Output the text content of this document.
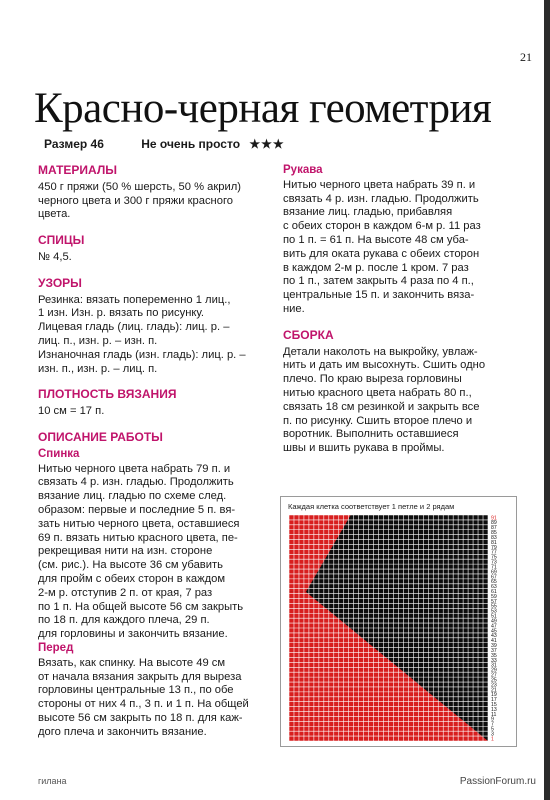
21
Красно-черная геометрия
Размер 46	Не очень просто ★★★
МАТЕРИАЛЫ
450 г пряжи (50 % шерсть, 50 % акрил)
черного цвета и 300 г пряжи красного
цвета.
СПИЦЫ
№ 4,5.
УЗОРЫ
Резинка: вязать попеременно 1 лиц.,
1 изн. Изн. р. вязать по рисунку.
Лицевая гладь (лиц. гладь): лиц. р. –
лиц. п., изн. р. – изн. п.
Изнаночная гладь (изн. гладь): лиц. р. –
изн. п., изн. р. – лиц. п.
ПЛОТНОСТЬ ВЯЗАНИЯ
10 см = 17 п.
ОПИСАНИЕ РАБОТЫ
Спинка
Нитью черного цвета набрать 79 п. и
связать 4 р. изн. гладью. Продолжить
вязание лиц. гладью по схеме след.
образом: первые и последние 5 п. вя-
зать нитью черного цвета, оставшиеся
69 п. вязать нитью красного цвета, пе-
рекрещивая нити на изн. стороне
(см. рис.). На высоте 36 см убавить
для пройм с обеих сторон в каждом
2-м р. отступив 2 п. от края, 7 раз
по 1 п. На общей высоте 56 см закрыть
по 18 п. для каждого плеча, 29 п.
для горловины и закончить вязание.
Перед
Вязать, как спинку. На высоте 49 см
от начала вязания закрыть для выреза
горловины центральные 13 п., по обе
стороны от них 4 п., 3 п. и 1 п. На общей
высоте 56 см закрыть по 18 п. для каж-
дого плеча и закончить вязание.
Рукава
Нитью черного цвета набрать 39 п. и
связать 4 р. изн. гладью. Продолжить
вязание лиц. гладью, прибавляя
с обеих сторон в каждом 6-м р. 11 раз
по 1 п. = 61 п. На высоте 48 см уба-
вить для оката рукава с обеих сторон
в каждом 2-м р. после 1 кром. 7 раз
по 1 п., затем закрыть 4 раза по 4 п.,
центральные 15 п. и закончить вяза-
ние.
СБОРКА
Детали наколоть на выкройку, увлаж-
нить и дать им высохнуть. Сшить одно
плечо. По краю выреза горловины
нитью красного цвета набрать 80 п.,
связать 18 см резинкой и закрыть все
п. по рисунку. Сшить второе плечо и
воротник. Выполнить оставшиеся
швы и вшить рукава в проймы.
Каждая клетка соответствует 1 петле и 2 рядам
91
89
87
85
83
81
79
77
75
73
71
69
67
65
63
61
59
57
55
53
51
49
47
45
43
41
39
37
35
33
31
29
27
25
23
21
19
17
15
13
11
9
7
5
3
1
гилана	PassionForum.ru
